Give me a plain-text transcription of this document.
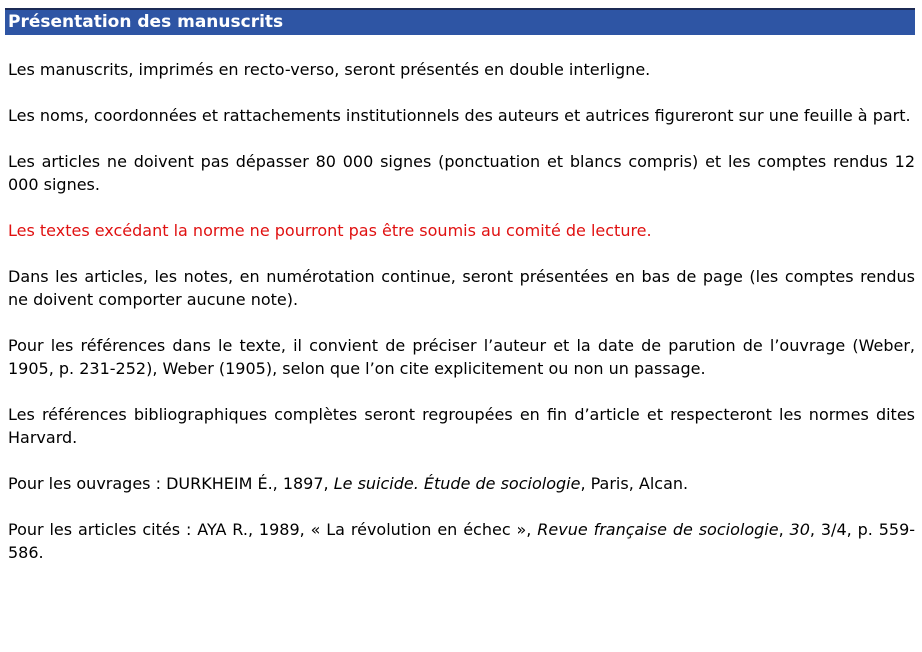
Présentation des manuscrits

Les manuscrits, imprimés en recto-verso, seront présentés en double interligne.

Les noms, coordonnées et rattachements institutionnels des auteurs et autrices figureront sur une feuille à part.

Les articles ne doivent pas dépasser 80 000 signes (ponctuation et blancs compris) et les comptes rendus 12 000 signes.

Les textes excédant la norme ne pourront pas être soumis au comité de lecture.

Dans les articles, les notes, en numérotation continue, seront présentées en bas de page (les comptes rendus ne doivent comporter aucune note).

Pour les références dans le texte, il convient de préciser l’auteur et la date de parution de l’ouvrage (Weber, 1905, p. 231-252), Weber (1905), selon que l’on cite explicitement ou non un passage.

Les références bibliographiques complètes seront regroupées en fin d’article et respecteront les normes dites Harvard.

Pour les ouvrages : DURKHEIM É., 1897, Le suicide. Étude de sociologie, Paris, Alcan.

Pour les articles cités : AYA R., 1989, « La révolution en échec », Revue française de sociologie, 30, 3/4, p. 559-586.
